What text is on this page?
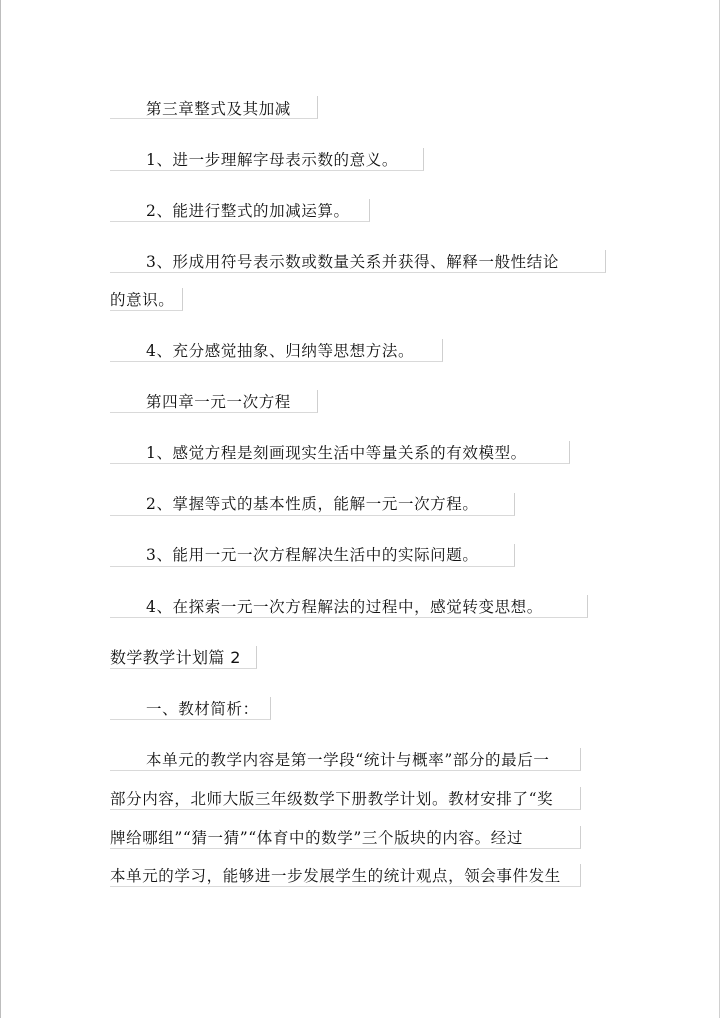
第三章整式及其加减
1、进一步理解字母表示数的意义。
2、能进行整式的加减运算。
3、形成用符号表示数或数量关系并获得、解释一般性结论
的意识。
4、充分感觉抽象、归纳等思想方法。
第四章一元一次方程
1、感觉方程是刻画现实生活中等量关系的有效模型。
2、掌握等式的基本性质，能解一元一次方程。
3、能用一元一次方程解决生活中的实际问题。
4、在探索一元一次方程解法的过程中，感觉转变思想。
数学教学计划篇 2
一、教材简析：
本单元的教学内容是第一学段“统计与概率”部分的最后一
部分内容，北师大版三年级数学下册教学计划。教材安排了“奖
牌给哪组”“猜一猜”“体育中的数学”三个版块的内容。经过
本单元的学习，能够进一步发展学生的统计观点，领会事件发生
